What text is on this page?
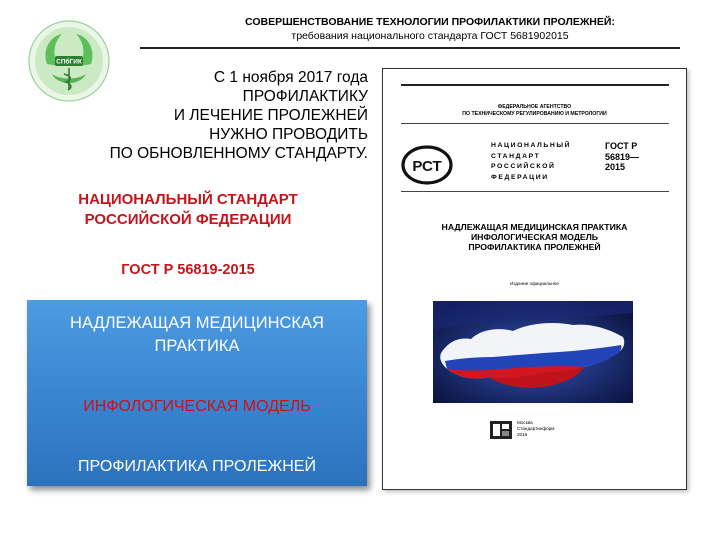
СОВЕРШЕНСТВОВАНИЕ ТЕХНОЛОГИИ ПРОФИЛАКТИКИ ПРОЛЕЖНЕЙ:
требования национального стандарта ГОСТ 5681902015
СПбГИК
С 1 ноября 2017 года
ПРОФИЛАКТИКУ
И ЛЕЧЕНИЕ ПРОЛЕЖНЕЙ
НУЖНО ПРОВОДИТЬ
ПО ОБНОВЛЕННОМУ СТАНДАРТУ.
НАЦИОНАЛЬНЫЙ СТАНДАРТ
РОССИЙСКОЙ ФЕДЕРАЦИИ
ГОСТ Р 56819-2015
НАДЛЕЖАЩАЯ МЕДИЦИНСКАЯ ПРАКТИКА
ИНФОЛОГИЧЕСКАЯ МОДЕЛЬ
ПРОФИЛАКТИКА ПРОЛЕЖНЕЙ
ФЕДЕРАЛЬНОЕ АГЕНТСТВО
ПО ТЕХНИЧЕСКОМУ РЕГУЛИРОВАНИЮ И МЕТРОЛОГИИ
РСТ
НАЦИОНАЛЬНЫЙ
СТАНДАРТ
РОССИЙСКОЙ
ФЕДЕРАЦИИ
ГОСТ Р
56819—
2015
НАДЛЕЖАЩАЯ МЕДИЦИНСКАЯ ПРАКТИКА
ИНФОЛОГИЧЕСКАЯ МОДЕЛЬ
ПРОФИЛАКТИКА ПРОЛЕЖНЕЙ
Издание официальное
Москва
Стандартинформ
2016
